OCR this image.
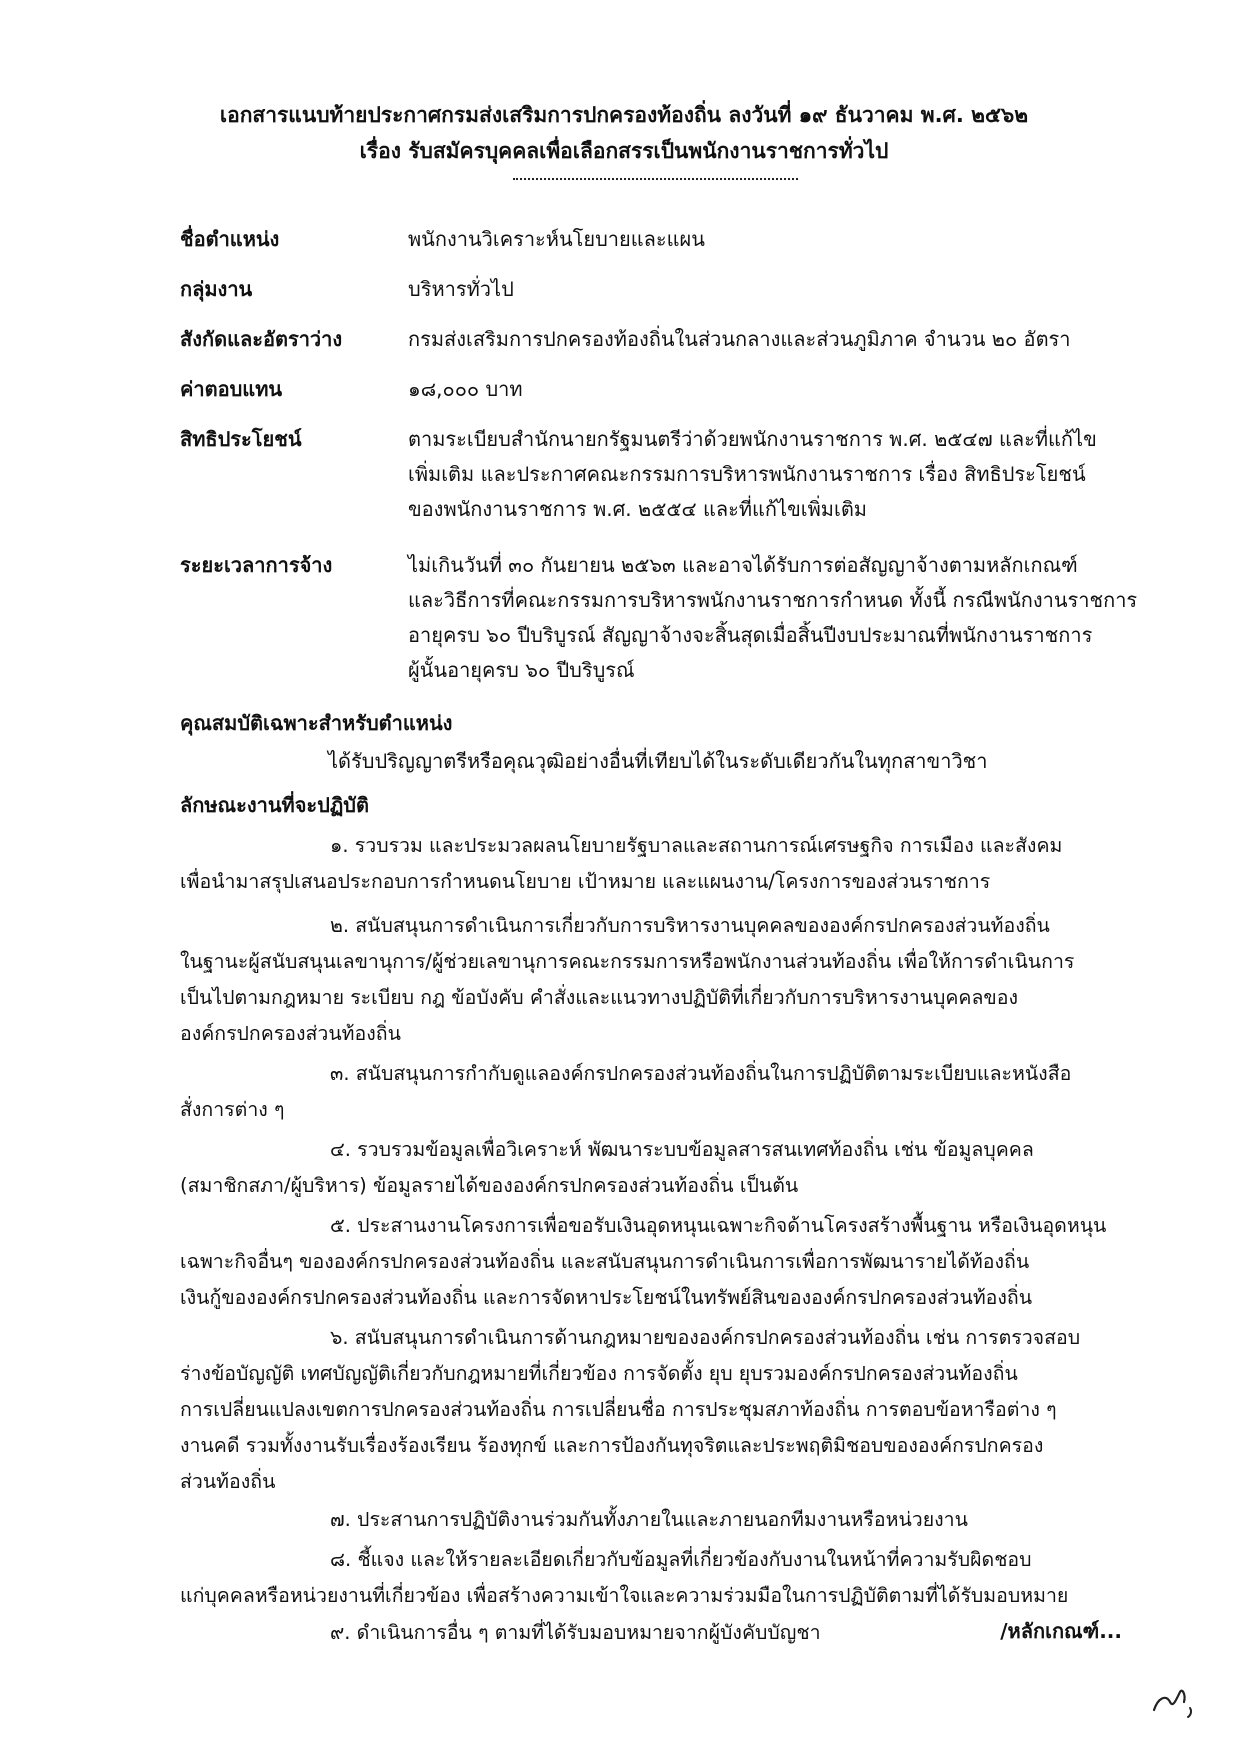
เอกสารแนบท้ายประกาศกรมส่งเสริมการปกครองท้องถิ่น ลงวันที่ ๑๙ ธันวาคม พ.ศ. ๒๕๖๒
เรื่อง รับสมัครบุคคลเพื่อเลือกสรรเป็นพนักงานราชการทั่วไป
ชื่อตำแหน่ง	พนักงานวิเคราะห์นโยบายและแผน
กลุ่มงาน	บริหารทั่วไป
สังกัดและอัตราว่าง	กรมส่งเสริมการปกครองท้องถิ่นในส่วนกลางและส่วนภูมิภาค จำนวน ๒๐ อัตรา
ค่าตอบแทน	๑๘,๐๐๐ บาท
สิทธิประโยชน์	ตามระเบียบสำนักนายกรัฐมนตรีว่าด้วยพนักงานราชการ พ.ศ. ๒๕๔๗ และที่แก้ไข
เพิ่มเติม และประกาศคณะกรรมการบริหารพนักงานราชการ เรื่อง สิทธิประโยชน์
ของพนักงานราชการ พ.ศ. ๒๕๕๔ และที่แก้ไขเพิ่มเติม
ระยะเวลาการจ้าง	ไม่เกินวันที่ ๓๐ กันยายน ๒๕๖๓ และอาจได้รับการต่อสัญญาจ้างตามหลักเกณฑ์
และวิธีการที่คณะกรรมการบริหารพนักงานราชการกำหนด ทั้งนี้ กรณีพนักงานราชการ
อายุครบ ๖๐ ปีบริบูรณ์ สัญญาจ้างจะสิ้นสุดเมื่อสิ้นปีงบประมาณที่พนักงานราชการ
ผู้นั้นอายุครบ ๖๐ ปีบริบูรณ์
คุณสมบัติเฉพาะสำหรับตำแหน่ง
ได้รับปริญญาตรีหรือคุณวุฒิอย่างอื่นที่เทียบได้ในระดับเดียวกันในทุกสาขาวิชา
ลักษณะงานที่จะปฏิบัติ
๑. รวบรวม และประมวลผลนโยบายรัฐบาลและสถานการณ์เศรษฐกิจ การเมือง และสังคม
เพื่อนำมาสรุปเสนอประกอบการกำหนดนโยบาย เป้าหมาย และแผนงาน/โครงการของส่วนราชการ
๒. สนับสนุนการดำเนินการเกี่ยวกับการบริหารงานบุคคลขององค์กรปกครองส่วนท้องถิ่น
ในฐานะผู้สนับสนุนเลขานุการ/ผู้ช่วยเลขานุการคณะกรรมการหรือพนักงานส่วนท้องถิ่น เพื่อให้การดำเนินการ
เป็นไปตามกฎหมาย ระเบียบ กฎ ข้อบังคับ คำสั่งและแนวทางปฏิบัติที่เกี่ยวกับการบริหารงานบุคคลของ
องค์กรปกครองส่วนท้องถิ่น
๓. สนับสนุนการกำกับดูแลองค์กรปกครองส่วนท้องถิ่นในการปฏิบัติตามระเบียบและหนังสือ
สั่งการต่าง ๆ
๔. รวบรวมข้อมูลเพื่อวิเคราะห์ พัฒนาระบบข้อมูลสารสนเทศท้องถิ่น เช่น ข้อมูลบุคคล
(สมาชิกสภา/ผู้บริหาร) ข้อมูลรายได้ขององค์กรปกครองส่วนท้องถิ่น เป็นต้น
๕. ประสานงานโครงการเพื่อขอรับเงินอุดหนุนเฉพาะกิจด้านโครงสร้างพื้นฐาน หรือเงินอุดหนุน
เฉพาะกิจอื่นๆ ขององค์กรปกครองส่วนท้องถิ่น และสนับสนุนการดำเนินการเพื่อการพัฒนารายได้ท้องถิ่น
เงินกู้ขององค์กรปกครองส่วนท้องถิ่น และการจัดหาประโยชน์ในทรัพย์สินขององค์กรปกครองส่วนท้องถิ่น
๖. สนับสนุนการดำเนินการด้านกฎหมายขององค์กรปกครองส่วนท้องถิ่น เช่น การตรวจสอบ
ร่างข้อบัญญัติ เทศบัญญัติเกี่ยวกับกฎหมายที่เกี่ยวข้อง การจัดตั้ง ยุบ ยุบรวมองค์กรปกครองส่วนท้องถิ่น
การเปลี่ยนแปลงเขตการปกครองส่วนท้องถิ่น การเปลี่ยนชื่อ การประชุมสภาท้องถิ่น การตอบข้อหารือต่าง ๆ
งานคดี รวมทั้งงานรับเรื่องร้องเรียน ร้องทุกข์ และการป้องกันทุจริตและประพฤติมิชอบขององค์กรปกครอง
ส่วนท้องถิ่น
๗. ประสานการปฏิบัติงานร่วมกันทั้งภายในและภายนอกทีมงานหรือหน่วยงาน
๘. ชี้แจง และให้รายละเอียดเกี่ยวกับข้อมูลที่เกี่ยวข้องกับงานในหน้าที่ความรับผิดชอบ
แก่บุคคลหรือหน่วยงานที่เกี่ยวข้อง เพื่อสร้างความเข้าใจและความร่วมมือในการปฏิบัติตามที่ได้รับมอบหมาย
๙. ดำเนินการอื่น ๆ ตามที่ได้รับมอบหมายจากผู้บังคับบัญชา	/หลักเกณฑ์...
